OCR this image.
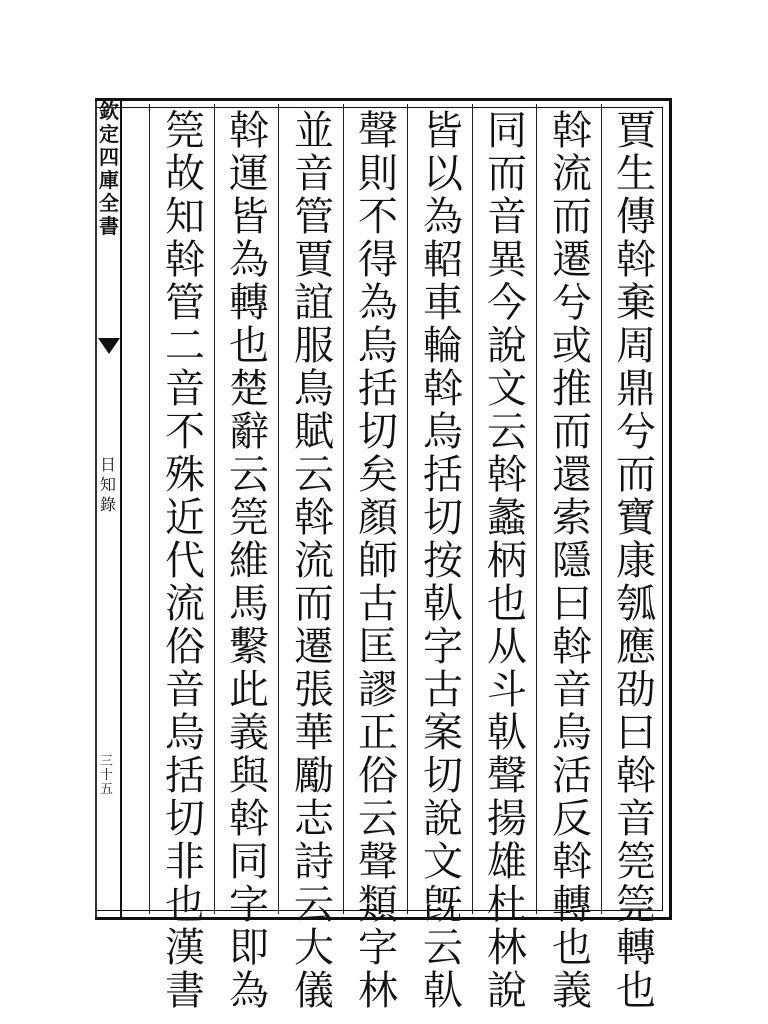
欽
定
四
庫
全
書
日
知
錄
三
十
五
賈
生
傳
斡
棄
周
鼎
兮
而
寶
康
瓠
應
劭
曰
斡
音
筦
筦
轉
也
斡
流
而
遷
兮
或
推
而
還
索
隱
曰
斡
音
烏
活
反
斡
轉
也
義
同
而
音
異
今
說
文
云
斡
蠡
柄
也
从
斗
倝
聲
揚
雄
杜
林
說
皆
以
為
軺
車
輪
斡
烏
括
切
按
倝
字
古
案
切
說
文
旣
云
倝
聲
則
不
得
為
烏
括
切
矣
顏
師
古
匡
謬
正
俗
云
聲
類
字
林
並
音
管
賈
誼
服
鳥
賦
云
斡
流
而
遷
張
華
勵
志
詩
云
大
儀
斡
運
皆
為
轉
也
楚
辭
云
筦
維
馬
繫
此
義
與
斡
同
字
即
為
筦
故
知
斡
管
二
音
不
殊
近
代
流
俗
音
烏
括
切
非
也
漢
書
